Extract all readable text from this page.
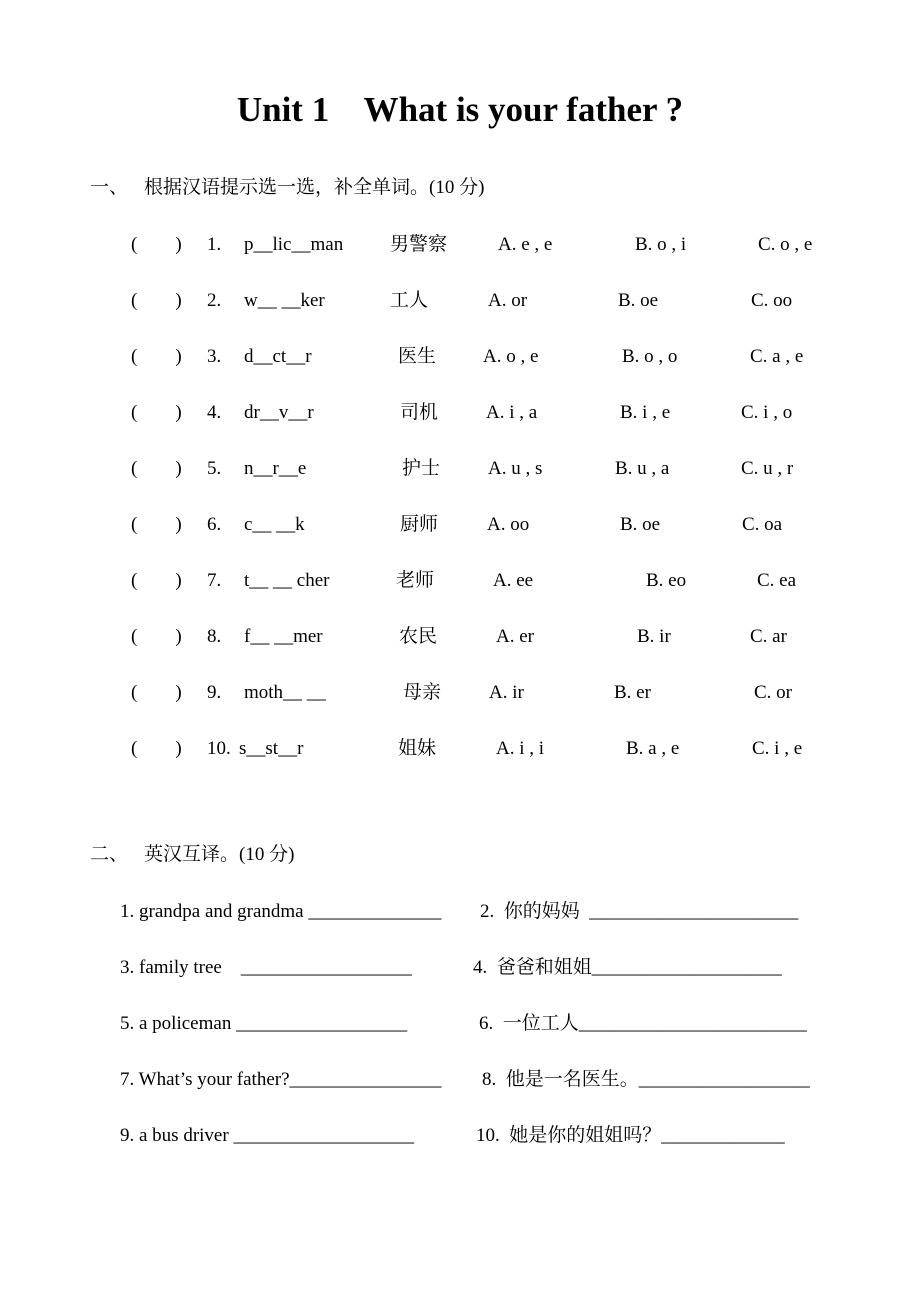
Unit 1    What is your father ?
一、 根据汉语提示选一选，补全单词。(10 分)
(        ) 1. p__lic__man 男警察	A. e , e	B. o , i	C. o , e
(        ) 2. w__ __ker	工人	A. or	B. oe	C. oo
(        ) 3. d__ct__r	医生 A. o , e	B. o , o	C. a , e
(        ) 4. dr__v__r	司机	A. i , a	B. i , e	C. i , o
(        ) 5. n__r__e	护士	A. u , s	B. u , a	C. u , r
(        ) 6. c__ __k	厨师	A. oo	B. oe	C. oa
(        ) 7. t__ __ cher	老师	A. ee	B. eo	C. ea
(        ) 8. f__ __mer	农民	A. er	B. ir	C. ar
(        ) 9. moth__ __	母亲	A. ir	B. er	C. or
(        ) 10. s__st__r	姐妹	A. i , i	B. a , e	C. i , e
二、 英汉互译。(10 分)
1. grandpa and grandma ______________ 2.  你的妈妈  ______________________
3. family tree    __________________	4.  爸爸和姐姐____________________
5. a policeman __________________	6.  一位工人________________________
7. What’s your father?________________ 8.  他是一名医生。__________________
9. a bus driver ___________________	10.  她是你的姐姐吗？_____________
